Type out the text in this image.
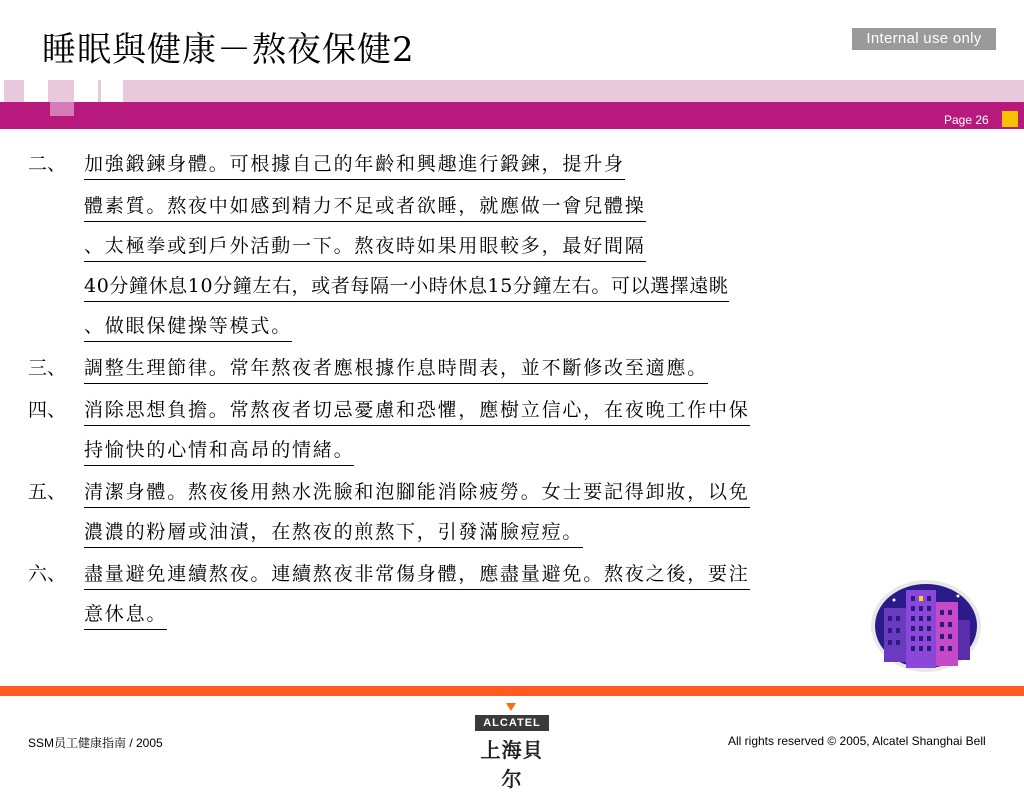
睡眠與健康－熬夜保健2	Internal use only
Page 26
二、 加強鍛鍊身體。可根據自己的年齡和興趣進行鍛鍊，提升身
體素質。熬夜中如感到精力不足或者欲睡，就應做一會兒體操
、太極拳或到戶外活動一下。熬夜時如果用眼較多，最好間隔
40分鐘休息10分鐘左右，或者每隔一小時休息15分鐘左右。可以選擇遠眺
、做眼保健操等模式。
三、 調整生理節律。常年熬夜者應根據作息時間表，並不斷修改至適應。
四、 消除思想負擔。常熬夜者切忌憂慮和恐懼，應樹立信心，在夜晚工作中保
持愉快的心情和高昂的情緒。
五、 清潔身體。熬夜後用熱水洗臉和泡腳能消除疲勞。女士要記得卸妝，以免
濃濃的粉層或油漬，在熬夜的煎熬下，引發滿臉痘痘。
六、 盡量避免連續熬夜。連續熬夜非常傷身體，應盡量避免。熬夜之後，要注
意休息。
SSM员工健康指南 / 2005
ALCATEL
上海貝尔
All rights reserved © 2005, Alcatel Shanghai Bell
